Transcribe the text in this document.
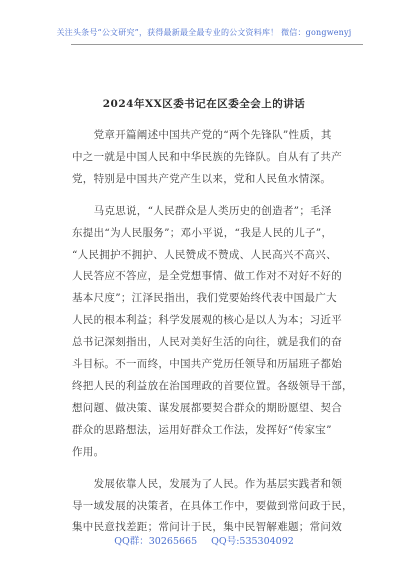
关注头条号“公文研究”，获得最新最全最专业的公文资料库！ 微信：gongwenyj
2024年XX区委书记在区委全会上的讲话
　　党章开篇阐述中国共产党的“两个先锋队”性质，其
中之一就是中国人民和中华民族的先锋队。自从有了共产
党，特别是中国共产党产生以来，党和人民鱼水情深。
　　马克思说，“人民群众是人类历史的创造者”；毛泽
东提出“为人民服务”；邓小平说，“我是人民的儿子”，
“人民拥护不拥护、人民赞成不赞成、人民高兴不高兴、
人民答应不答应，是全党想事情、做工作对不对好不好的
基本尺度”；江泽民指出，我们党要始终代表中国最广大
人民的根本利益；科学发展观的核心是以人为本；习近平
总书记深刻指出，人民对美好生活的向往，就是我们的奋
斗目标。不一而终，中国共产党历任领导和历届班子都始
终把人民的利益放在治国理政的首要位置。各级领导干部，
想问题、做决策、谋发展都要契合群众的期盼愿望、契合
群众的思路想法，运用好群众工作法，发挥好“传家宝”
作用。
　　发展依靠人民，发展为了人民。作为基层实践者和领
导一域发展的决策者，在具体工作中，要做到常问政于民，
集中民意找差距；常问计于民，集中民智解难题；常问效
QQ群：30265665 QQ号:535304092
